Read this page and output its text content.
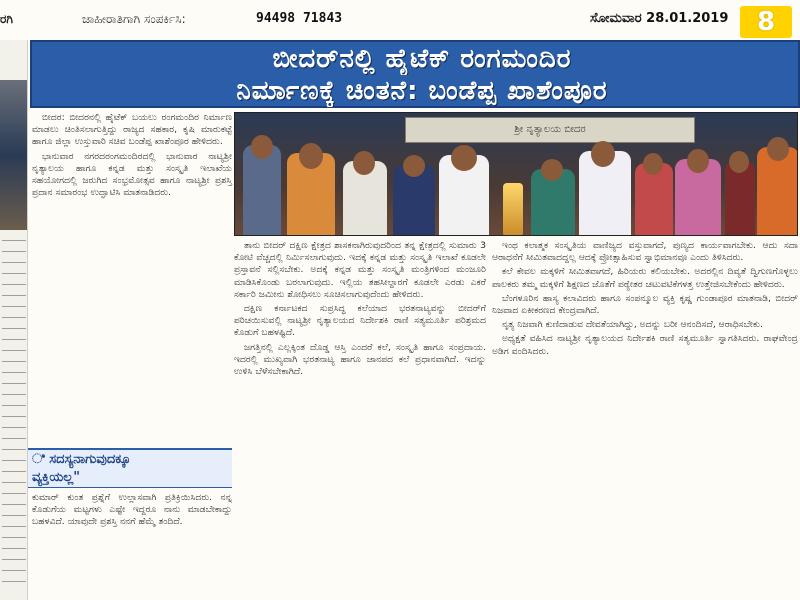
ರಗಿ	ಜಾಹೀರಾತಿಗಾಗಿ ಸಂಪರ್ಕಿಸಿ:	94498 71843	ಸೋಮವಾರ 28.01.2019	8
ಬೀದರ್‌ನಲ್ಲಿ ಹೈಟೆಕ್ ರಂಗಮಂದಿರ
ನಿರ್ಮಾಣಕ್ಕೆ ಚಿಂತನೆ: ಬಂಡೆಪ್ಪ ಖಾಶೆಂಪೂರ

ಬೀದರ: ಬೀದರನಲ್ಲಿ ಹೈಟೆಕ್ ಬಯಲು ರಂಗಮಂದಿರ ನಿರ್ಮಾಣ ಮಾಡಲು ಚಿಂತಿಸಲಾಗುತ್ತಿದ್ದು ರಾಜ್ಯದ ಸಹಕಾರ, ಕೃಷಿ ಮಾರುಕಟ್ಟೆ ಹಾಗೂ ಜಿಲ್ಲಾ ಉಸ್ತುವಾರಿ ಸಚಿವ ಬಂಡೆಪ್ಪ ಖಾಶೆಂಪೂರ ಹೇಳಿದರು.

ಭಾನುವಾರ ನಗರದರಂಗಮಂದಿರದಲ್ಲಿ ಭಾನುವಾರ ನಾಟ್ಯಶ್ರೀ ನೃತ್ಯಾಲಯ ಹಾಗೂ ಕನ್ನಡ ಮತ್ತು ಸಂಸ್ಕೃತಿ ಇಲಾಖೆಯ ಸಹಯೋಗದಲ್ಲಿ ಜರುಗಿದ ಸಂಭ್ರಮೋತ್ಸವ ಹಾಗೂ ನಾಟ್ಯಶ್ರೀ ಪ್ರಶಸ್ತಿ ಪ್ರದಾನ ಸಮಾರಂಭ ಉದ್ಘಾಟಿಸಿ ಮಾತನಾಡಿದರು.

ಶ್ರೀ ನೃತ್ಯಾಲಯ ಬೀದರ

ತಾನು ಬೀದರ್ ದಕ್ಷಿಣ ಕ್ಷೇತ್ರದ ಶಾಸಕನಾಗಿರುವುದರಿಂದ ತನ್ನ ಕ್ಷೇತ್ರದಲ್ಲಿ ಸುಮಾರು 3 ಕೋಟಿ ವೆಚ್ಚದಲ್ಲಿ ನಿರ್ಮಿಸಲಾಗುವುದು. ಇದಕ್ಕೆ ಕನ್ನಡ ಮತ್ತು ಸಂಸ್ಕೃತಿ ಇಲಾಖೆ ಕೂಡಲೇ ಪ್ರಸ್ತಾವನೆ ಸಲ್ಲಿಸಬೇಕು. ಅದಕ್ಕೆ ಕನ್ನಡ ಮತ್ತು ಸಂಸ್ಕೃತಿ ಮಂತ್ರಿಗಳಿಂದ ಮಂಜೂರಿ ಮಾಡಿಸಿಕೊಂಡು ಬರಲಾಗುವುದು. ಇಲ್ಲಿಯ ತಹಸೀಲ್ದಾರಗೆ ಕೂಡಲೇ ಎರಡು ಎಕರೆ ಸರ್ಕಾರಿ ಜಮೀನು ಶೋಧಿಸಲು ಸೂಚಿಸಲಾಗುವುದೆಂದು ಹೇಳಿದರು.

ದಕ್ಷಿಣ ಕರ್ನಾಟಕದ ಸುಪ್ರಸಿದ್ಧ ಕಲೆಯಾದ ಭರತನಾಟ್ಯವನ್ನು ಬೀದರ್‌ಗೆ ಪರಿಚಯಿಸುವಲ್ಲಿ ನಾಟ್ಯಶ್ರೀ ನೃತ್ಯಾಲಯದ ನಿರ್ದೇಶಕಿ ರಾಣಿ ಸತ್ಯಮೂರ್ತಿ ಪರಿಶ್ರಮದ ಕೊಡುಗೆ ಬಹಳಷ್ಟಿದೆ.

ಜಗತ್ತಿನಲ್ಲಿ ಎಲ್ಲಕ್ಕಿಂತ ದೊಡ್ಡ ಆಸ್ತಿ ಎಂದರೆ ಕಲೆ, ಸಂಸ್ಕೃತಿ ಹಾಗೂ ಸಂಪ್ರದಾಯ. ಇದರಲ್ಲಿ ಮುಖ್ಯವಾಗಿ ಭರತನಾಟ್ಯ ಹಾಗೂ ಜಾನಪದ ಕಲೆ ಪ್ರಧಾನವಾಗಿದೆ. ಇದನ್ನು ಉಳಿಸಿ ಬೆಳೆಸಬೇಕಾಗಿದೆ.

ಇಂಥ ಕಲಾತ್ಮಕ ಸಂಸ್ಕೃತಿಯ ವಾಣಿಜ್ಯದ ವಸ್ತುವಾಗದೆ, ಪುಣ್ಯದ ಕಾರ್ಯವಾಗಬೇಕು. ಆದು ಸದಾ ಆರಾಧನೆಗೆ ಸೀಮಿತವಾದದ್ದಲ್ಲ ಆದಕ್ಕೆ ಪ್ರೋತ್ಸಾಹಿಸುವ ಸ್ವಾಭಿಮಾನವೂ ಎಂದು ತಿಳಿಸಿದರು.

ಕಲೆ ಕೇವಲ ಮಕ್ಕಳಿಗೆ ಸೀಮಿತವಾಗದೆ, ಹಿರಿಯರು ಕಲಿಯಬೇಕು. ಅದರಲ್ಲಿನ ದಿವ್ಯತೆ ದ್ವಿಗುಣಗೊಳ್ಳಲು ಪಾಲಕರು ತಮ್ಮ ಮಕ್ಕಳಿಗೆ ಶಿಕ್ಷಣದ ಜೊತೆಗೆ ಪಠ್ಯೇತರ ಚಟುವಟಿಕೆಗಳತ್ತ ಉತ್ತೇಜಿಸಬೇಕೆಂದು ಹೇಳಿದರು.

ಬೆಂಗಳೂರಿನ ಹಾಸ್ಯ ಕಲಾವಿದರು ಹಾಗೂ ಸಂಪನ್ಮೂಲ ವ್ಯಕ್ತಿ ಕೃಷ್ಣ ಗುಂಡಾಪೂರ ಮಾತನಾಡಿ, ಬೀದರ್ ನಿಜವಾದ ಏಕೀಕರಣದ ಕೇಂದ್ರವಾಗಿದೆ.

ನೃತ್ಯ ನಿಜವಾಗಿ ಕುಣಿದಾಡುವ ದೇವತೆಯಾಗಿದ್ದು, ಅದನ್ನು ಬರೀ ಆನಂದಿಸದೆ, ಆರಾಧಿಸಬೇಕು.

ಅಧ್ಯಕ್ಷತೆ ವಹಿಸಿದ ನಾಟ್ಯಶ್ರೀ ನೃತ್ಯಾಲಯದ ನಿರ್ದೇಶಕಿ ರಾಣಿ ಸತ್ಯಮೂರ್ತಿ ಸ್ವಾಗತಿಸಿದರು. ರಾಘವೇಂದ್ರ ಅಡಿಗ ವಂದಿಸಿದರು.

ಿ ಸದಸ್ಯನಾಗುವುದಕ್ಕೂ
ವ್ಯಕ್ತಿಯಲ್ಲ"
ಕುಮಾರ್ ಕುಂತ ಪ್ರಶ್ನೆಗೆ ಉಲ್ಲಾಸವಾಗಿ ಪ್ರತಿಕ್ರಿಯಿಸಿದರು. ನನ್ನ ಕೊಡುಗೆಯ ಮಟ್ಟಗಳು ಎಷ್ಟೇ ಇದ್ದರೂ ನಾನು ಮಾಡಬೇಕಾದ್ದು ಬಹಳವಿದೆ. ಯಾವುದೇ ಪ್ರಶಸ್ತಿ ನನಗೆ ಹೆಮ್ಮೆ ತಂದಿದೆ.
